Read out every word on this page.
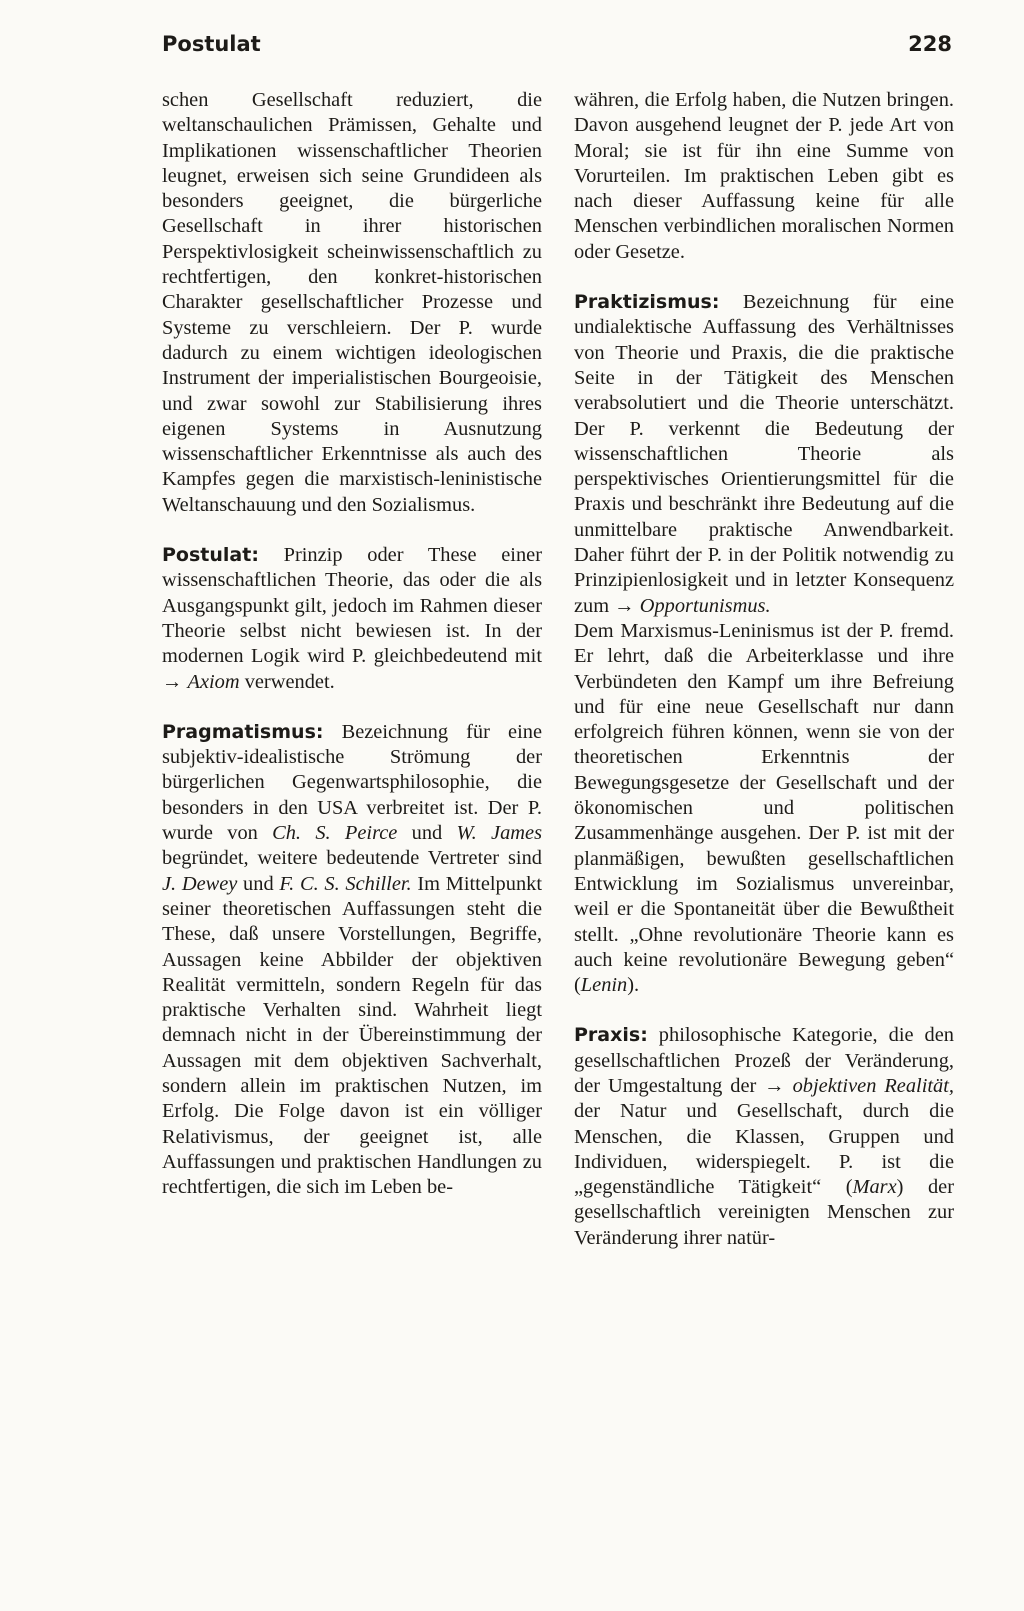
Postulat	228

schen Gesellschaft reduziert, die weltanschaulichen Prämissen, Gehalte und Implikationen wissenschaftlicher Theorien leugnet, erweisen sich seine Grundideen als besonders geeignet, die bürgerliche Gesellschaft in ihrer historischen Perspektivlosigkeit scheinwissenschaftlich zu rechtfertigen, den konkret-historischen Charakter gesellschaftlicher Prozesse und Systeme zu verschleiern. Der P. wurde dadurch zu einem wichtigen ideologischen Instrument der imperialistischen Bourgeoisie, und zwar sowohl zur Stabilisierung ihres eigenen Systems in Ausnutzung wissenschaftlicher Erkenntnisse als auch des Kampfes gegen die marxistisch-leninistische Weltanschauung und den Sozialismus.

Postulat: Prinzip oder These einer wissenschaftlichen Theorie, das oder die als Ausgangspunkt gilt, jedoch im Rahmen dieser Theorie selbst nicht bewiesen ist. In der modernen Logik wird P. gleichbedeutend mit → Axiom verwendet.

Pragmatismus: Bezeichnung für eine subjektiv-idealistische Strömung der bürgerlichen Gegenwartsphilosophie, die besonders in den USA verbreitet ist. Der P. wurde von Ch. S. Peirce und W. James begründet, weitere bedeutende Vertreter sind J. Dewey und F. C. S. Schiller. Im Mittelpunkt seiner theoretischen Auffassungen steht die These, daß unsere Vorstellungen, Begriffe, Aussagen keine Abbilder der objektiven Realität vermitteln, sondern Regeln für das praktische Verhalten sind. Wahrheit liegt demnach nicht in der Übereinstimmung der Aussagen mit dem objektiven Sachverhalt, sondern allein im praktischen Nutzen, im Erfolg. Die Folge davon ist ein völliger Relativismus, der geeignet ist, alle Auffassungen und praktischen Handlungen zu rechtfertigen, die sich im Leben be-

währen, die Erfolg haben, die Nutzen bringen. Davon ausgehend leugnet der P. jede Art von Moral; sie ist für ihn eine Summe von Vorurteilen. Im praktischen Leben gibt es nach dieser Auffassung keine für alle Menschen verbindlichen moralischen Normen oder Gesetze.

Praktizismus: Bezeichnung für eine undialektische Auffassung des Verhältnisses von Theorie und Praxis, die die praktische Seite in der Tätigkeit des Menschen verabsolutiert und die Theorie unterschätzt. Der P. verkennt die Bedeutung der wissenschaftlichen Theorie als perspektivisches Orientierungsmittel für die Praxis und beschränkt ihre Bedeutung auf die unmittelbare praktische Anwendbarkeit. Daher führt der P. in der Politik notwendig zu Prinzipienlosigkeit und in letzter Konsequenz zum → Opportunismus.

Dem Marxismus-Leninismus ist der P. fremd. Er lehrt, daß die Arbeiterklasse und ihre Verbündeten den Kampf um ihre Befreiung und für eine neue Gesellschaft nur dann erfolgreich führen können, wenn sie von der theoretischen Erkenntnis der Bewegungsgesetze der Gesellschaft und der ökonomischen und politischen Zusammenhänge ausgehen. Der P. ist mit der planmäßigen, bewußten gesellschaftlichen Entwicklung im Sozialismus unvereinbar, weil er die Spontaneität über die Bewußtheit stellt. „Ohne revolutionäre Theorie kann es auch keine revolutionäre Bewegung geben“ (Lenin).

Praxis: philosophische Kategorie, die den gesellschaftlichen Prozeß der Veränderung, der Umgestaltung der → objektiven Realität, der Natur und Gesellschaft, durch die Menschen, die Klassen, Gruppen und Individuen, widerspiegelt. P. ist die „gegenständliche Tätigkeit“ (Marx) der gesellschaftlich vereinigten Menschen zur Veränderung ihrer natür-
